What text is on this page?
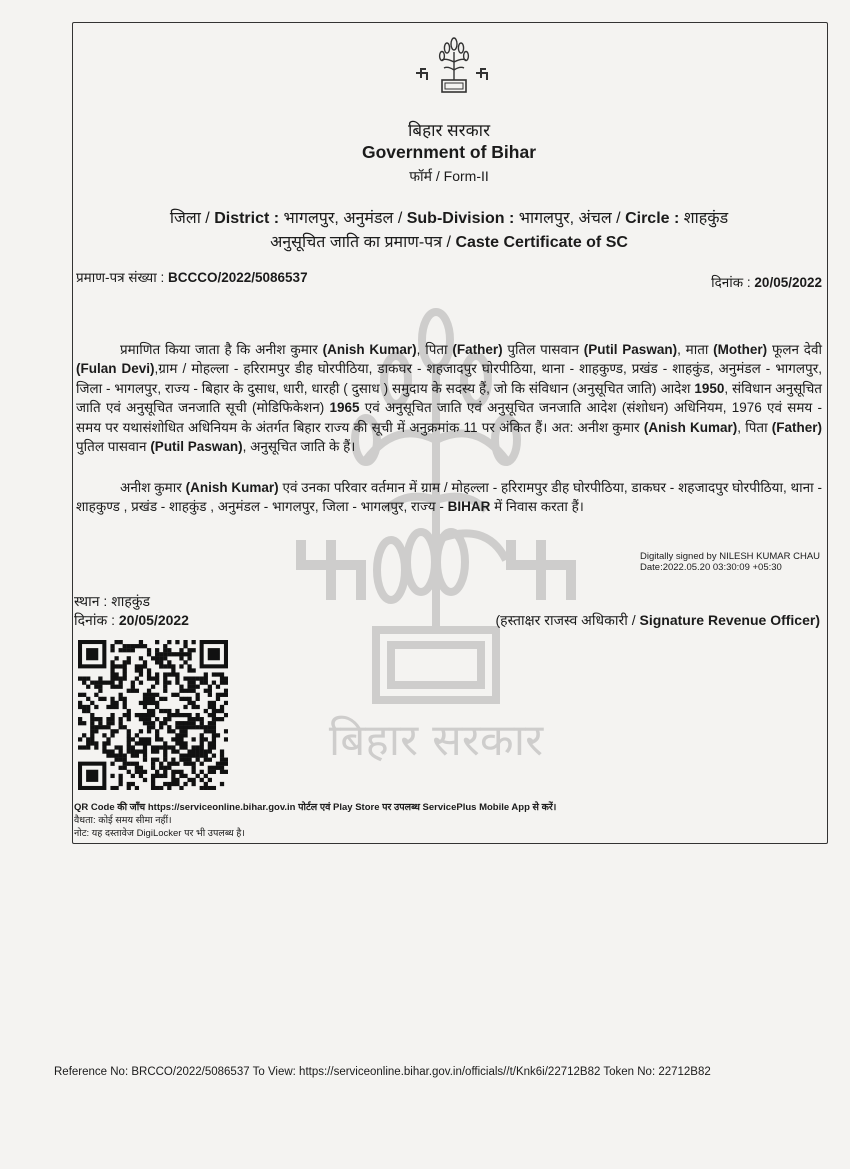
बिहार सरकार
बिहार सरकार
Government of Bihar
फॉर्म / Form-II
जिला / District : भागलपुर, अनुमंडल / Sub-Division : भागलपुर, अंचल / Circle : शाहकुंड
अनुसूचित जाति का प्रमाण-पत्र / Caste Certificate of SC
प्रमाण-पत्र संख्या : BCCCO/2022/5086537	दिनांक : 20/05/2022
प्रमाणित किया जाता है कि अनीश कुमार (Anish Kumar), पिता (Father) पुतिल पासवान (Putil Paswan), माता (Mother) फूलन देवी (Fulan Devi),ग्राम / मोहल्ला - हरिरामपुर डीह घोरपीठिया, डाकघर - शहजादपुर घोरपीठिया, थाना - शाहकुण्ड, प्रखंड - शाहकुंड, अनुमंडल - भागलपुर, जिला - भागलपुर, राज्य - बिहार के दुसाध, धारी, धारही ( दुसाध ) समुदाय के सदस्य हैं, जो कि संविधान (अनुसूचित जाति) आदेश 1950, संविधान अनुसूचित जाति एवं अनुसूचित जनजाति सूची (मोडिफिकेशन) 1965 एवं अनुसूचित जाति एवं अनुसूचित जनजाति आदेश (संशोधन) अधिनियम, 1976 एवं समय - समय पर यथासंशोधित अधिनियम के अंतर्गत बिहार राज्य की सूची में अनुक्रमांक 11 पर अंकित हैं। अत: अनीश कुमार (Anish Kumar), पिता (Father) पुतिल पासवान (Putil Paswan), अनुसूचित जाति के हैं।
अनीश कुमार (Anish Kumar) एवं उनका परिवार वर्तमान में ग्राम / मोहल्ला - हरिरामपुर डीह घोरपीठिया, डाकघर - शहजादपुर घोरपीठिया, थाना - शाहकुण्ड , प्रखंड - शाहकुंड , अनुमंडल - भागलपुर, जिला - भागलपुर, राज्य - BIHAR में निवास करता हैं।
Digitally signed by NILESH KUMAR CHAU
Date:2022.05.20 03:30:09 +05:30
स्थान : शाहकुंड
दिनांक : 20/05/2022	(हस्ताक्षर राजस्व अधिकारी / Signature Revenue Officer)
QR Code की जाँच https://serviceonline.bihar.gov.in पोर्टल एवं Play Store पर उपलब्ध ServicePlus Mobile App से करें।
वैधता: कोई समय सीमा नहीं।
नोट: यह दस्तावेज DigiLocker पर भी उपलब्ध है।
Reference No: BRCCO/2022/5086537 To View: https://serviceonline.bihar.gov.in/officials//t/Knk6i/22712B82 Token No: 22712B82
